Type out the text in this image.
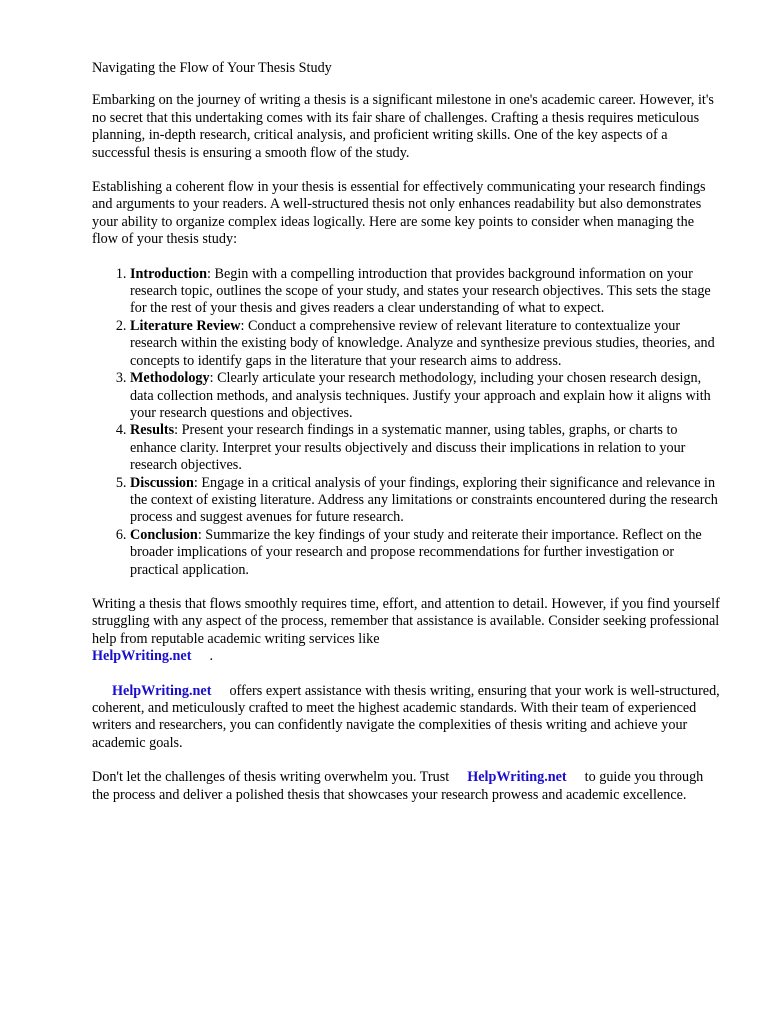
Navigating the Flow of Your Thesis Study

Embarking on the journey of writing a thesis is a significant milestone in one's academic career. However, it's no secret that this undertaking comes with its fair share of challenges. Crafting a thesis requires meticulous planning, in-depth research, critical analysis, and proficient writing skills. One of the key aspects of a successful thesis is ensuring a smooth flow of the study.

Establishing a coherent flow in your thesis is essential for effectively communicating your research findings and arguments to your readers. A well-structured thesis not only enhances readability but also demonstrates your ability to organize complex ideas logically. Here are some key points to consider when managing the flow of your thesis study:

1. Introduction: Begin with a compelling introduction that provides background information on your research topic, outlines the scope of your study, and states your research objectives. This sets the stage for the rest of your thesis and gives readers a clear understanding of what to expect.
2. Literature Review: Conduct a comprehensive review of relevant literature to contextualize your research within the existing body of knowledge. Analyze and synthesize previous studies, theories, and concepts to identify gaps in the literature that your research aims to address.
3. Methodology: Clearly articulate your research methodology, including your chosen research design, data collection methods, and analysis techniques. Justify your approach and explain how it aligns with your research questions and objectives.
4. Results: Present your research findings in a systematic manner, using tables, graphs, or charts to enhance clarity. Interpret your results objectively and discuss their implications in relation to your research objectives.
5. Discussion: Engage in a critical analysis of your findings, exploring their significance and relevance in the context of existing literature. Address any limitations or constraints encountered during the research process and suggest avenues for future research.
6. Conclusion: Summarize the key findings of your study and reiterate their importance. Reflect on the broader implications of your research and propose recommendations for further investigation or practical application.

Writing a thesis that flows smoothly requires time, effort, and attention to detail. However, if you find yourself struggling with any aspect of the process, remember that assistance is available. Consider seeking professional help from reputable academic writing services like
HelpWriting.net .

HelpWriting.net offers expert assistance with thesis writing, ensuring that your work is well-structured, coherent, and meticulously crafted to meet the highest academic standards. With their team of experienced writers and researchers, you can confidently navigate the complexities of thesis writing and achieve your academic goals.

Don't let the challenges of thesis writing overwhelm you. Trust HelpWriting.net to guide you through the process and deliver a polished thesis that showcases your research prowess and academic excellence.
